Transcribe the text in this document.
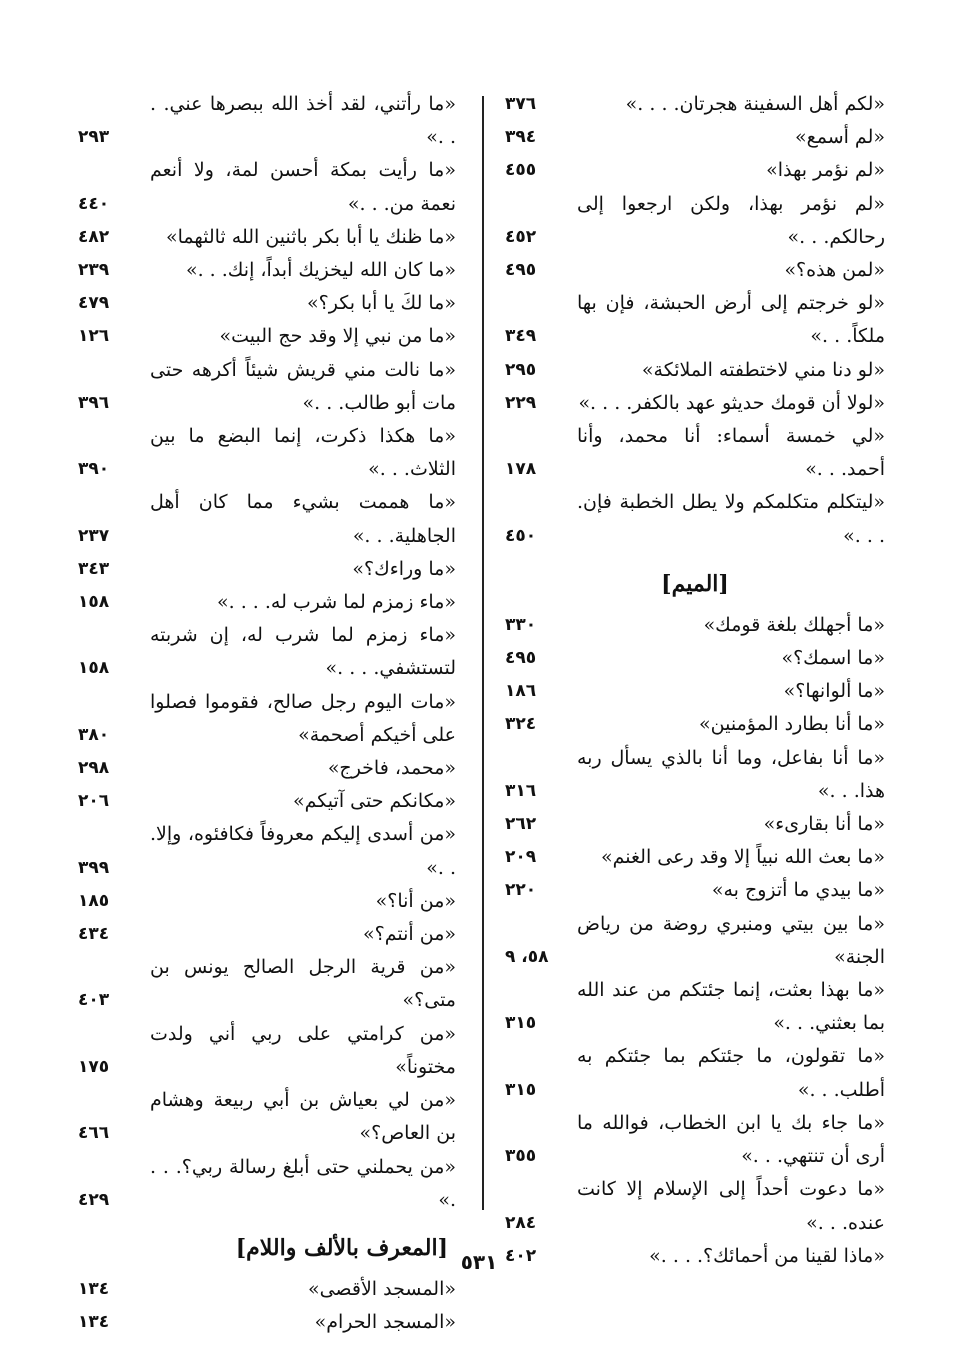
«لكم أهل السفينة هجرتان. . . .»
٣٧٦
«لم أسمع»
٣٩٤
«لم نؤمر بهذا»
٤٥٥
«لم نؤمر بهذا، ولكن ارجعوا إلى رحالكم. . .»
٤٥٢
«لمن هذه؟»
٤٩٥
«لو خرجتم إلى أرض الحبشة، فإن بها ملكاً. . .»
٣٤٩
«لو دنا مني لاختطفته الملائكة»
٢٩٥
«لولا أن قومك حديثو عهد بالكفر. . . .»
٢٢٩
«لي خمسة أسماء: أنا محمد، وأنا أحمد. . .»
١٧٨
«ليتكلم متكلمكم ولا يطل الخطبة فإن. . . .»
٤٥٠
[الميم]
«ما أجهلك بلغة قومك»
٣٣٠
«ما اسمك؟»
٤٩٥
«ما ألوانها؟»
١٨٦
«ما أنا بطارد المؤمنين»
٣٢٤
«ما أنا بفاعل، وما أنا بالذي يسأل ربه هذا. . .»
٣١٦
«ما أنا بقارىء»
٢٦٢
«ما بعث الله نبياً إلا وقد رعى الغنم»
٢٠٩
«ما بيدي ما أتزوج به»
٢٢٠
«ما بين بيتي ومنبري روضة من رياض الجنة»
٥٨، ٩
«ما بهذا بعثت، إنما جئتكم من عند الله بما بعثني. . .»
٣١٥
«ما تقولون، ما جئتكم بما جئتكم به أطلب. . .»
٣١٥
«ما جاء بك يا ابن الخطاب، فوالله ما أرى أن تنتهي. . .»
٣٥٥
«ما دعوت أحداً إلى الإسلام إلا كانت عنده. . .»
٢٨٤
«ماذا لقينا من أحمائك؟. . . .»
٤٠٢
«ما رأتني، لقد أخذ الله ببصرها عني. . . .»
٢٩٣
«ما رأيت بمكة أحسن لمة، ولا أنعم نعمة من. . .»
٤٤٠
«ما ظنك يا أبا بكر باثنين الله ثالثهما»
٤٨٢
«ما كان الله ليخزيك أبداً، إنك. . .»
٢٣٩
«ما لكَ يا أبا بكر؟»
٤٧٩
«ما من نبي إلا وقد حج البيت»
١٢٦
«ما نالت مني قريش شيئاً أكرهه حتى مات أبو طالب. . .»
٣٩٦
«ما هكذا ذكرت، إنما البضع ما بين الثلاث. . .»
٣٩٠
«ما هممت بشيء مما كان أهل الجاهلية. . .»
٢٣٧
«ما وراءك؟»
٣٤٣
«ماء زمزم لما شرب له. . . .»
١٥٨
«ماء زمزم لما شرب له، إن شربته لتستشفي. . . .»
١٥٨
«مات اليوم رجل صالح، فقوموا فصلوا على أخيكم أصحمة»
٣٨٠
«محمد، فاخرج»
٢٩٨
«مكانكم حتى آتيكم»
٢٠٦
«من أسدى إليكم معروفاً فكافئوه، وإلا. . .»
٣٩٩
«من أنا؟»
١٨٥
«من أنتم؟»
٤٣٤
«من قرية الرجل الصالح يونس بن متى؟»
٤٠٣
«من كرامتي على ربي أني ولدت مختوناً»
١٧٥
«من لي بعياش بن أبي ربيعة وهشام بن العاص؟»
٤٦٦
«من يحملني حتى أبلغ رسالة ربي؟. . . .»
٤٢٩
[المعرف بالألف واللام]
«المسجد الأقصى»
١٣٤
«المسجد الحرام»
١٣٤
٥٣١
